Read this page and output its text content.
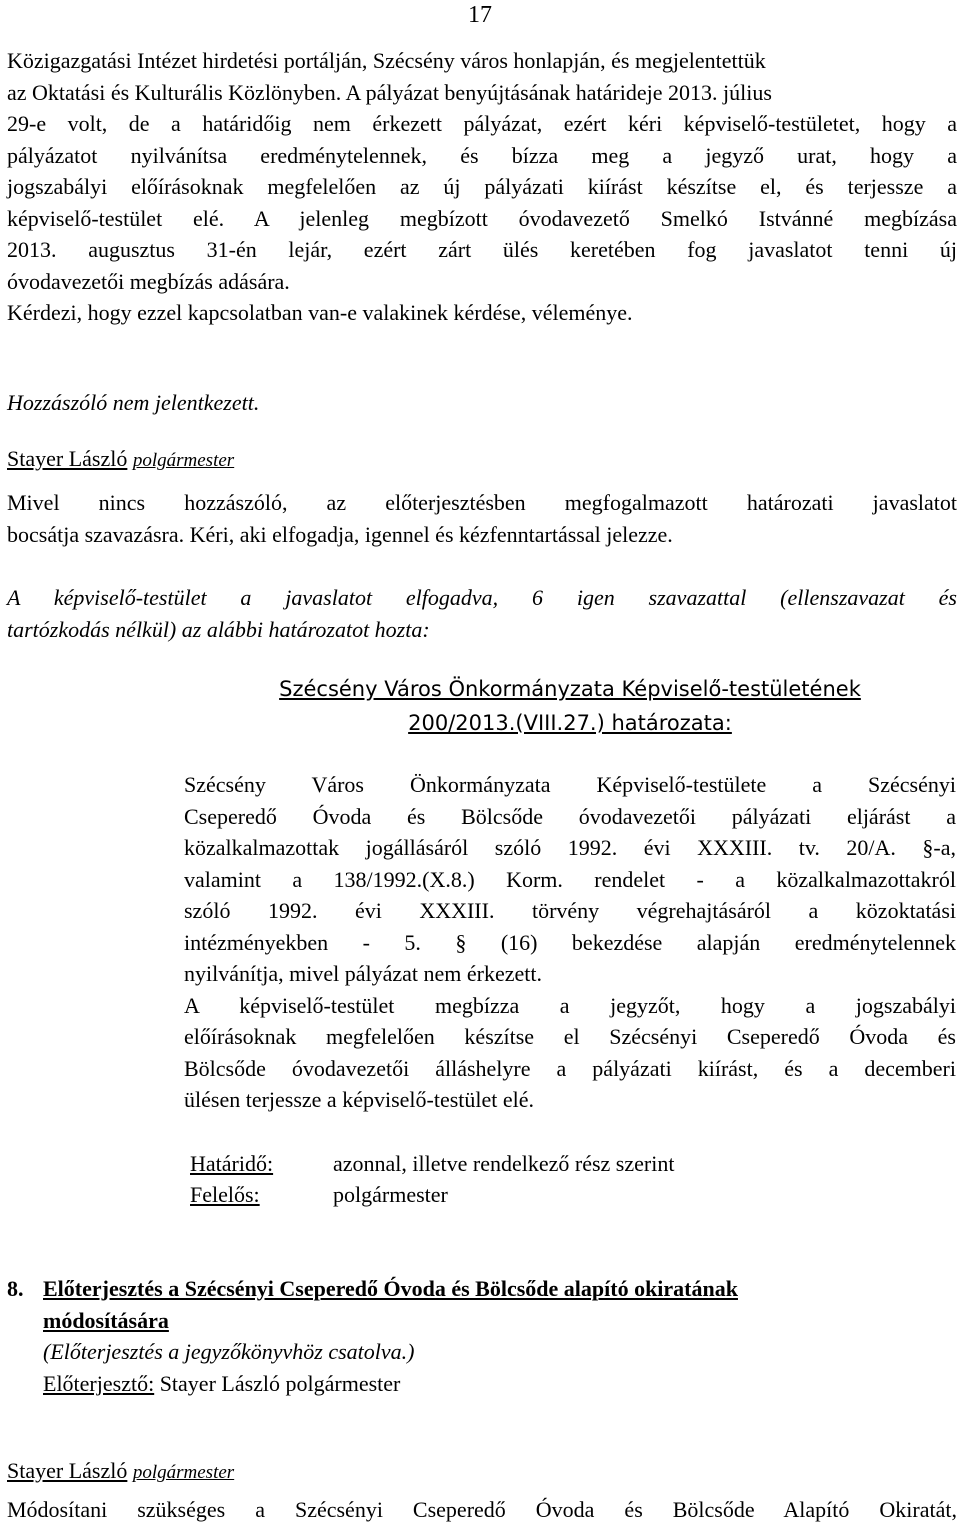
17
Közigazgatási Intézet hirdetési portálján, Szécsény város honlapján, és megjelentettük
az Oktatási és Kulturális Közlönyben. A pályázat benyújtásának határideje 2013. július
29-e volt, de a határidőig nem érkezett pályázat, ezért kéri képviselő-testületet, hogy a
pályázatot nyilvánítsa eredménytelennek, és bízza meg a jegyző urat, hogy a
jogszabályi előírásoknak megfelelően az új pályázati kiírást készítse el, és terjessze a
képviselő-testület elé. A jelenleg megbízott óvodavezető Smelkó Istvánné megbízása
2013. augusztus 31-én lejár, ezért zárt ülés keretében fog javaslatot tenni új
óvodavezetői megbízás adására.
Kérdezi, hogy ezzel kapcsolatban van-e valakinek kérdése, véleménye.
Hozzászóló nem jelentkezett.
Stayer László polgármester
Mivel nincs hozzászóló, az előterjesztésben megfogalmazott határozati javaslatot
bocsátja szavazásra. Kéri, aki elfogadja, igennel és kézfenntartással jelezze.
A képviselő-testület a javaslatot elfogadva, 6 igen szavazattal (ellenszavazat és
tartózkodás nélkül) az alábbi határozatot hozta:
Szécsény Város Önkormányzata Képviselő-testületének
200/2013.(VIII.27.) határozata:
Szécsény Város Önkormányzata Képviselő-testülete a Szécsényi
Cseperedő Óvoda és Bölcsőde óvodavezetői pályázati eljárást a
közalkalmazottak jogállásáról szóló 1992. évi XXXIII. tv. 20/A. §-a,
valamint a 138/1992.(X.8.) Korm. rendelet - a közalkalmazottakról
szóló 1992. évi XXXIII. törvény végrehajtásáról a közoktatási
intézményekben - 5. § (16) bekezdése alapján eredménytelennek
nyilvánítja, mivel pályázat nem érkezett.
A képviselő-testület megbízza a jegyzőt, hogy a jogszabályi
előírásoknak megfelelően készítse el Szécsényi Cseperedő Óvoda és
Bölcsőde óvodavezetői álláshelyre a pályázati kiírást, és a decemberi
ülésen terjessze a képviselő-testület elé.
Határidő:	azonnal, illetve rendelkező rész szerint
Felelős:	polgármester
8. Előterjesztés a Szécsényi Cseperedő Óvoda és Bölcsőde alapító okiratának
módosítására
(Előterjesztés a jegyzőkönyvhöz csatolva.)
Előterjesztő: Stayer László polgármester
Stayer László polgármester
Módosítani szükséges a Szécsényi Cseperedő Óvoda és Bölcsőde Alapító Okiratát,
